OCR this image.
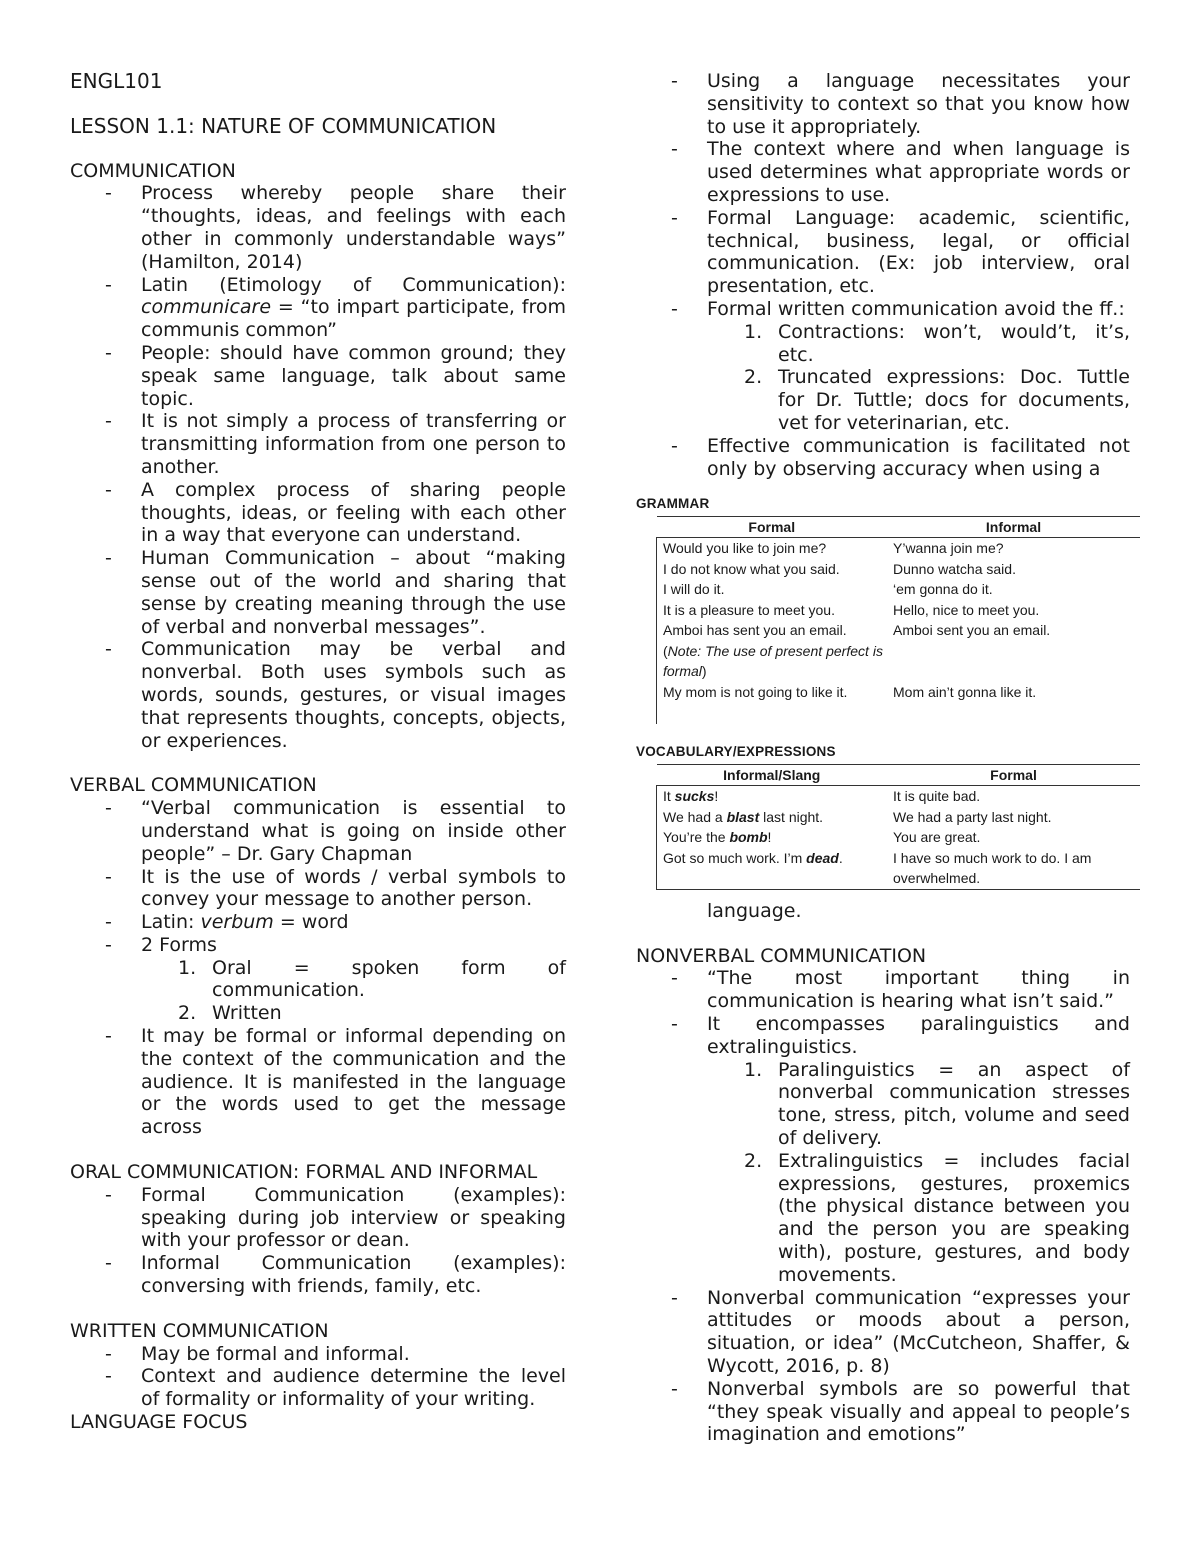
ENGL101

LESSON 1.1: NATURE OF COMMUNICATION

COMMUNICATION

- Process whereby people share their “thoughts, ideas, and feelings with each other in commonly understandable ways” (Hamilton, 2014)
- Latin (Etimology of Communication): communicare = “to impart participate, from communis common”
- People: should have common ground; they speak same language, talk about same topic.
- It is not simply a process of transferring or transmitting information from one person to another.
- A complex process of sharing people thoughts, ideas, or feeling with each other in a way that everyone can understand.
- Human Communication – about “making sense out of the world and sharing that sense by creating meaning through the use of verbal and nonverbal messages”.
- Communication may be verbal and nonverbal. Both uses symbols such as words, sounds, gestures, or visual images that represents thoughts, concepts, objects, or experiences.

VERBAL COMMUNICATION

- “Verbal communication is essential to understand what is going on inside other people” – Dr. Gary Chapman
- It is the use of words / verbal symbols to convey your message to another person.
- Latin: verbum = word
- 2 Forms
1. Oral = spoken form of communication.
2. Written
- It may be formal or informal depending on the context of the communication and the audience. It is manifested in the language or the words used to get the message across

ORAL COMMUNICATION: FORMAL AND INFORMAL

- Formal Communication (examples): speaking during job interview or speaking with your professor or dean.
- Informal Communication (examples): conversing with friends, family, etc.

WRITTEN COMMUNICATION

- May be formal and informal.
- Context and audience determine the level of formality or informality of your writing.

LANGUAGE FOCUS

- Using a language necessitates your sensitivity to context so that you know how to use it appropriately.
- The context where and when language is used determines what appropriate words or expressions to use.
- Formal Language: academic, scientific, technical, business, legal, or official communication. (Ex: job interview, oral presentation, etc.
- Formal written communication avoid the ff.:
1. Contractions: won’t, would’t, it’s, etc.
2. Truncated expressions: Doc. Tuttle for Dr. Tuttle; docs for documents, vet for veterinarian, etc.
- Effective communication is facilitated not only by observing accuracy when using a
GRAMMAR
Formal	Informal
Would you like to join me?	Y’wanna join me?
I do not know what you said.	Dunno watcha said.
I will do it.	‘em gonna do it.
It is a pleasure to meet you.	Hello, nice to meet you.
Amboi has sent you an email.	Amboi sent you an email.
(Note: The use of present perfect is formal)	
My mom is not going to like it.	Mom ain’t gonna like it.

VOCABULARY/EXPRESSIONS
Informal/Slang	Formal
It sucks!	It is quite bad.
We had a blast last night.	We had a party last night.
You’re the bomb!	You are great.
Got so much work. I’m dead.	I have so much work to do. I am overwhelmed.

language.

NONVERBAL COMMUNICATION

- “The most important thing in communication is hearing what isn’t said.”
- It encompasses paralinguistics and extralinguistics.
1. Paralinguistics = an aspect of nonverbal communication stresses tone, stress, pitch, volume and seed of delivery.
2. Extralinguistics = includes facial expressions, gestures, proxemics (the physical distance between you and the person you are speaking with), posture, gestures, and body movements.
- Nonverbal communication “expresses your attitudes or moods about a person, situation, or idea” (McCutcheon, Shaffer, & Wycott, 2016, p. 8)
- Nonverbal symbols are so powerful that “they speak visually and appeal to people’s imagination and emotions”
